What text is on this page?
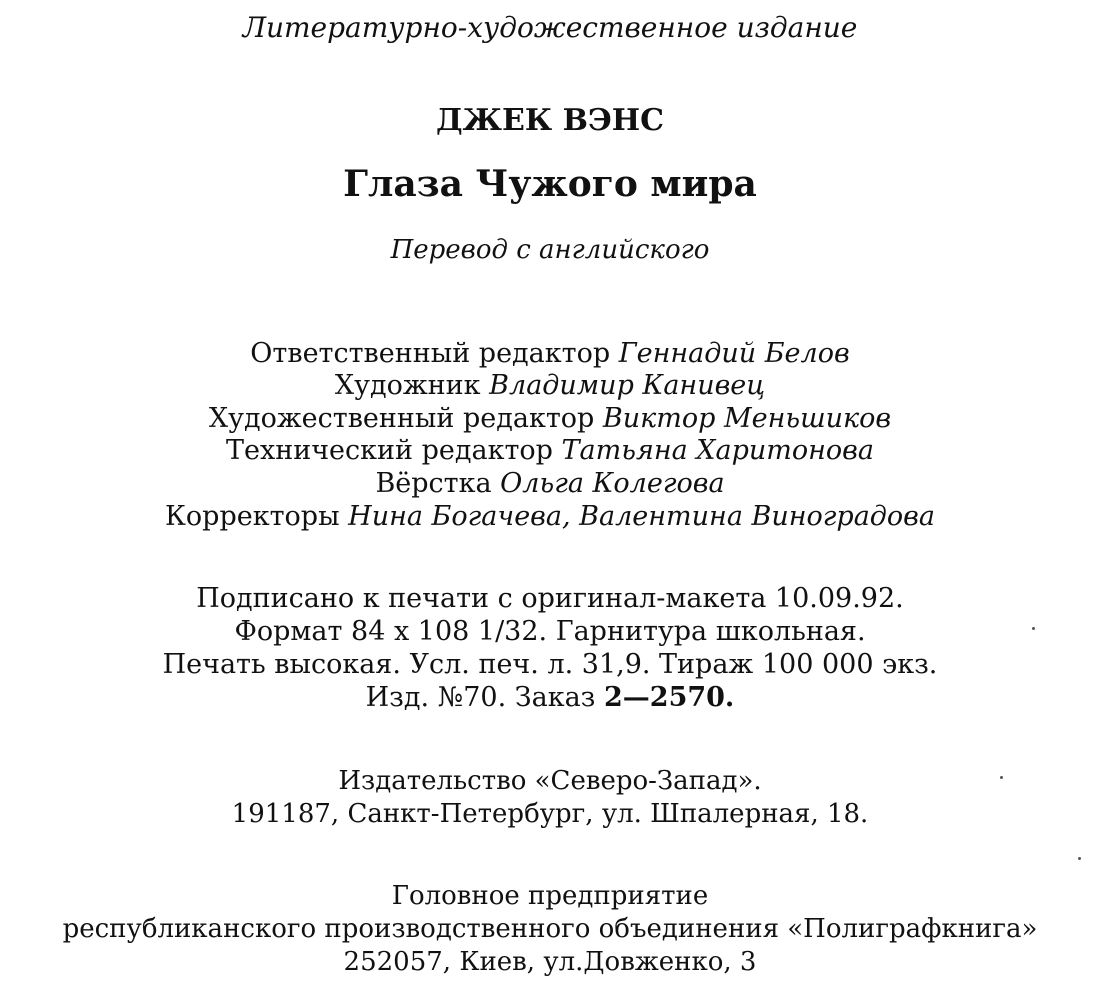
Литературно-художественное издание
ДЖЕК ВЭНС
Глаза Чужого мира
Перевод с английского
Ответственный редактор Геннадий Белов
Художник Владимир Канивец
Художественный редактор Виктор Меньшиков
Технический редактор Татьяна Харитонова
Вёрстка Ольга Колегова
Корректоры Нина Богачева, Валентина Виноградова
Подписано к печати с оригинал-макета 10.09.92.
Формат 84 x 108 1/32. Гарнитура школьная.
Печать высокая. Усл. печ. л. 31,9. Тираж 100 000 экз.
Изд. №70. Заказ 2—2570.
Издательство «Северо-Запад».
191187, Санкт-Петербург, ул. Шпалерная, 18.
Головное предприятие
республиканского производственного объединения «Полиграфкнига»
252057, Киев, ул.Довженко, 3
